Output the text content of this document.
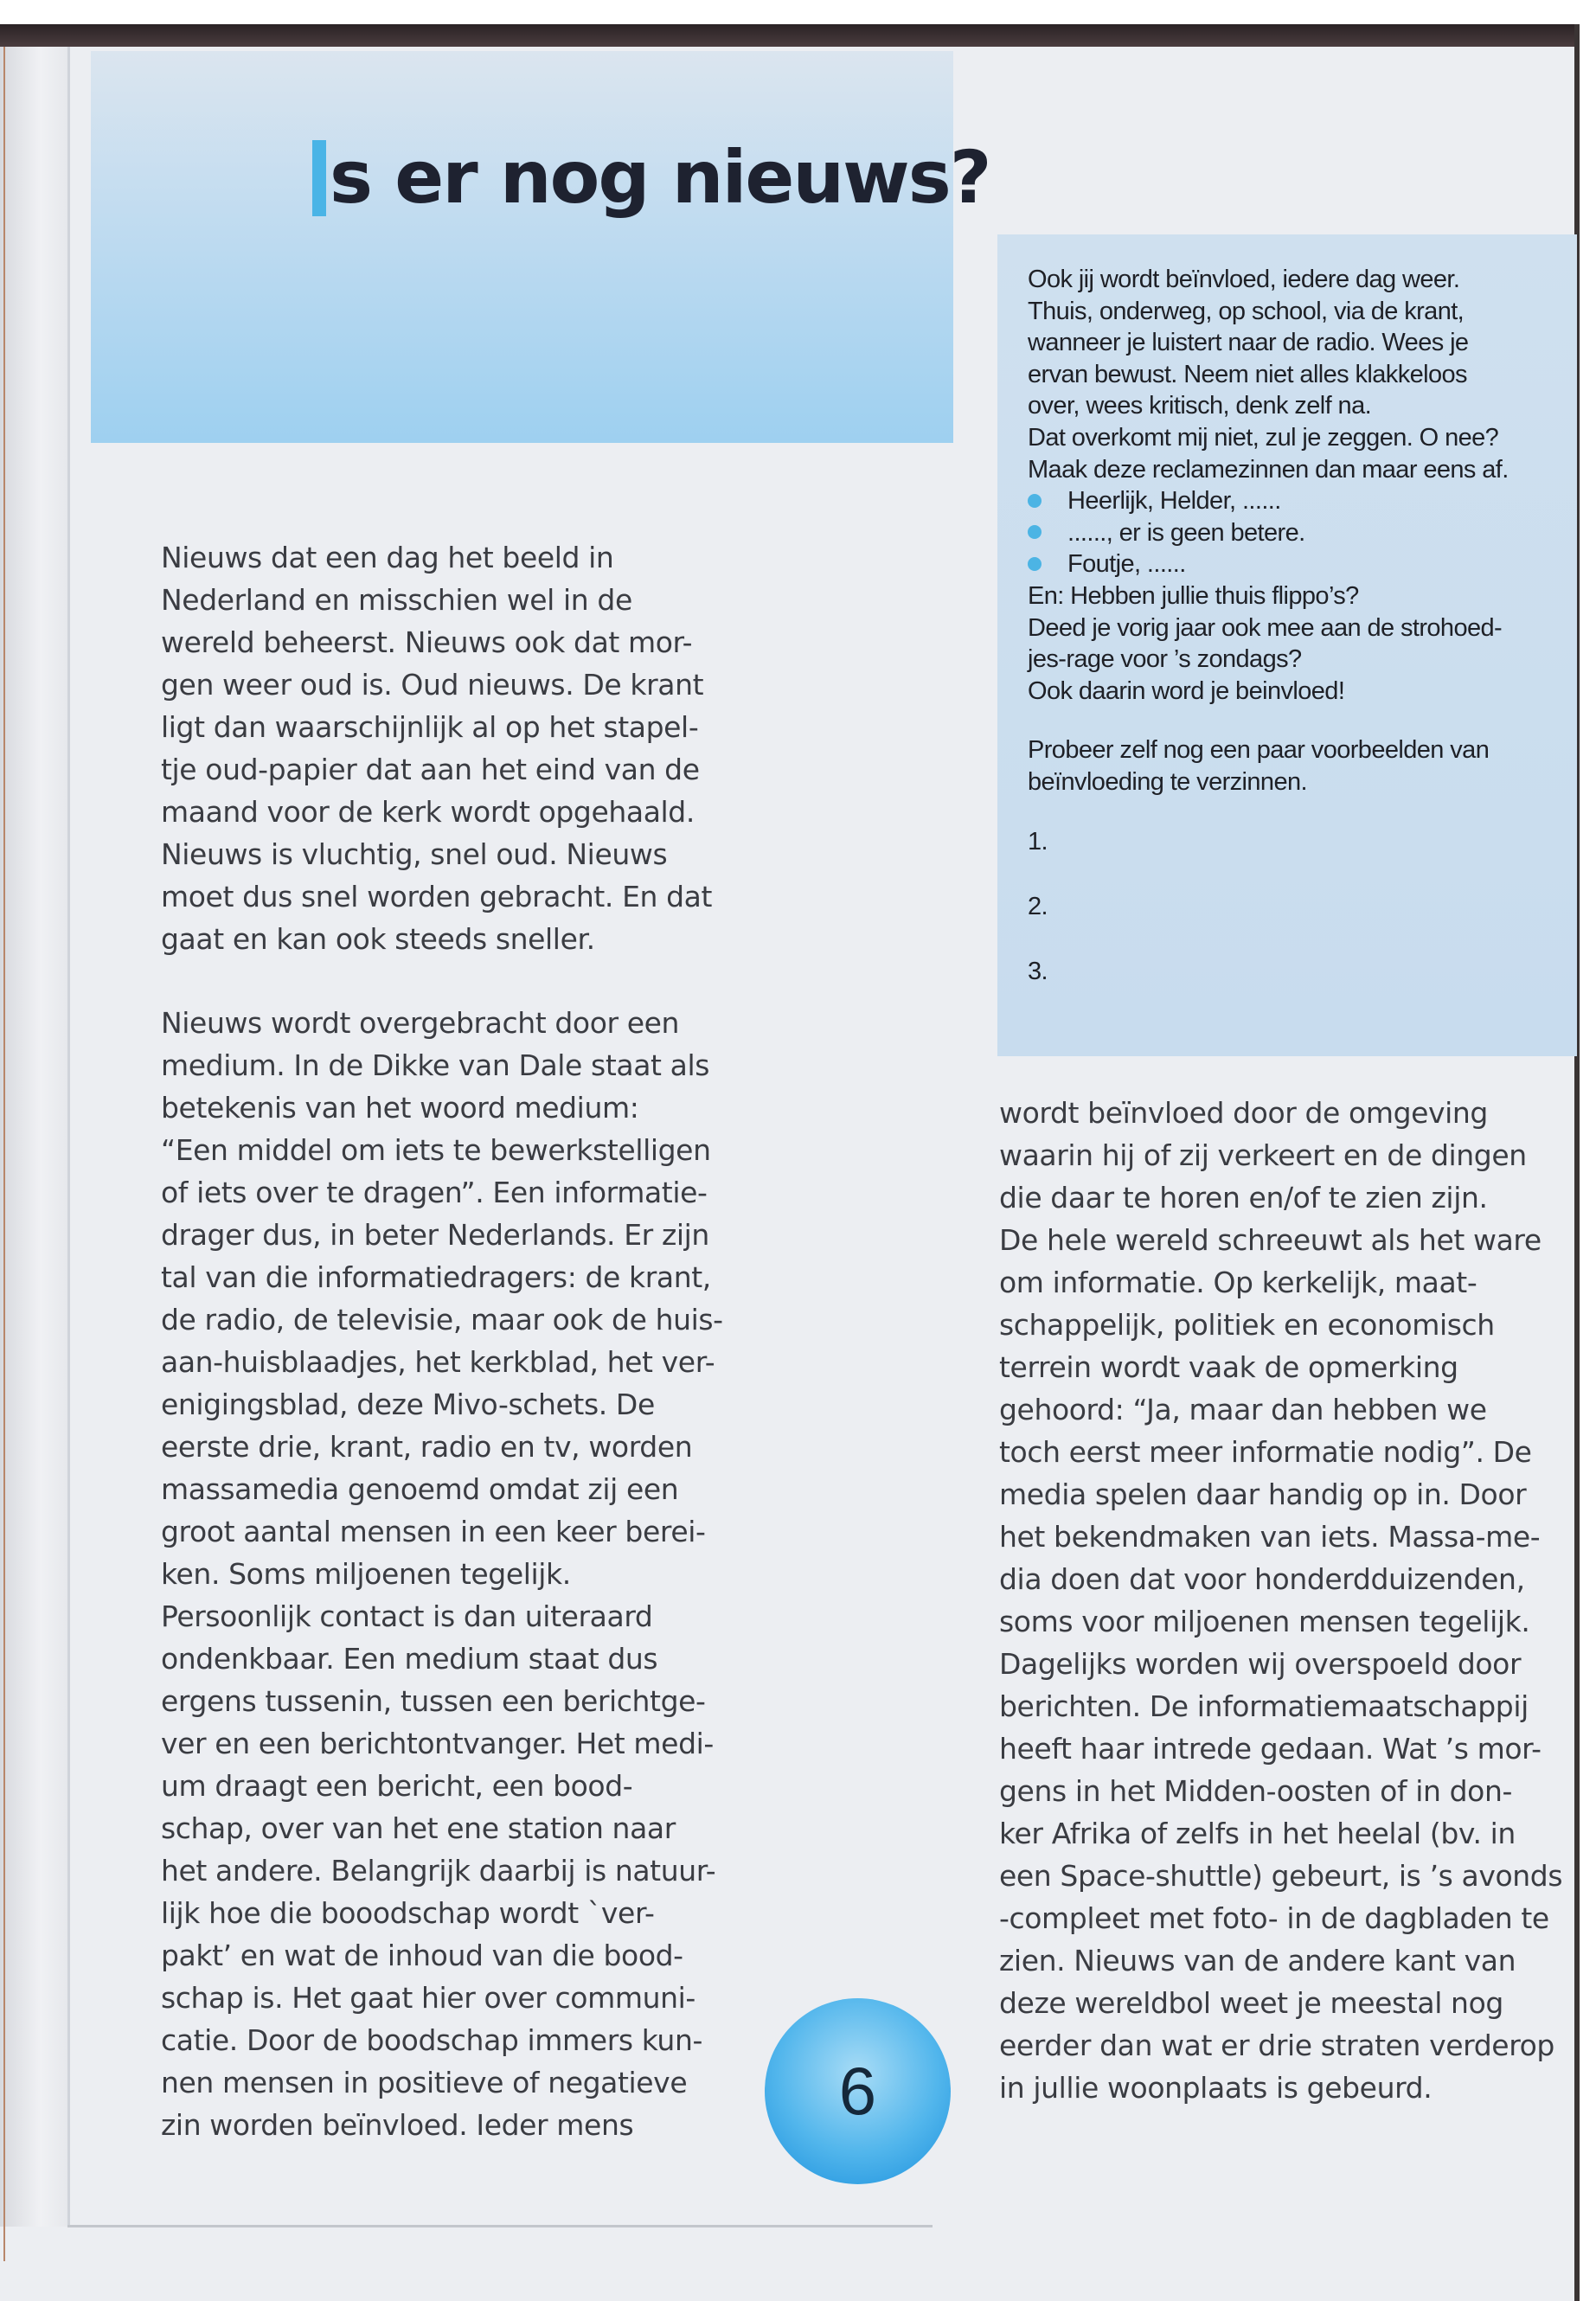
s er nog nieuws?
Ook jij wordt beïnvloed, iedere dag weer.
Thuis, onderweg, op school, via de krant,
wanneer je luistert naar de radio. Wees je
ervan bewust. Neem niet alles klakkeloos
over, wees kritisch, denk zelf na.
Dat overkomt mij niet, zul je zeggen. O nee?
Maak deze reclamezinnen dan maar eens af.
Heerlijk, Helder, ......
......, er is geen betere.
Foutje, ......
En: Hebben jullie thuis flippo’s?
Deed je vorig jaar ook mee aan de strohoed-
jes-rage voor ’s zondags?
Ook daarin word je beinvloed!
Probeer zelf nog een paar voorbeelden van
beïnvloeding te verzinnen.
1.
2.
3.
Nieuws dat een dag het beeld in
Nederland en misschien wel in de
wereld beheerst. Nieuws ook dat mor-
gen weer oud is. Oud nieuws. De krant
ligt dan waarschijnlijk al op het stapel-
tje oud-papier dat aan het eind van de
maand voor de kerk wordt opgehaald.
Nieuws is vluchtig, snel oud. Nieuws
moet dus snel worden gebracht. En dat
gaat en kan ook steeds sneller.
Nieuws wordt overgebracht door een
medium. In de Dikke van Dale staat als
betekenis van het woord medium:
“Een middel om iets te bewerkstelligen
of iets over te dragen”. Een informatie-
drager dus, in beter Nederlands. Er zijn
tal van die informatiedragers: de krant,
de radio, de televisie, maar ook de huis-
aan-huisblaadjes, het kerkblad, het ver-
enigingsblad, deze Mivo-schets. De
eerste drie, krant, radio en tv, worden
massamedia genoemd omdat zij een
groot aantal mensen in een keer berei-
ken. Soms miljoenen tegelijk.
Persoonlijk contact is dan uiteraard
ondenkbaar. Een medium staat dus
ergens tussenin, tussen een berichtge-
ver en een berichtontvanger. Het medi-
um draagt een bericht, een bood-
schap, over van het ene station naar
het andere. Belangrijk daarbij is natuur-
lijk hoe die booodschap wordt `ver-
pakt’ en wat de inhoud van die bood-
schap is. Het gaat hier over communi-
catie. Door de boodschap immers kun-
nen mensen in positieve of negatieve
zin worden beïnvloed. Ieder mens
wordt beïnvloed door de omgeving
waarin hij of zij verkeert en de dingen
die daar te horen en/of te zien zijn.
De hele wereld schreeuwt als het ware
om informatie. Op kerkelijk, maat-
schappelijk, politiek en economisch
terrein wordt vaak de opmerking
gehoord: “Ja, maar dan hebben we
toch eerst meer informatie nodig”. De
media spelen daar handig op in. Door
het bekendmaken van iets. Massa-me-
dia doen dat voor honderdduizenden,
soms voor miljoenen mensen tegelijk.
Dagelijks worden wij overspoeld door
berichten. De informatiemaatschappij
heeft haar intrede gedaan. Wat ’s mor-
gens in het Midden-oosten of in don-
ker Afrika of zelfs in het heelal (bv. in
een Space-shuttle) gebeurt, is ’s avonds
-compleet met foto- in de dagbladen te
zien. Nieuws van de andere kant van
deze wereldbol weet je meestal nog
eerder dan wat er drie straten verderop
in jullie woonplaats is gebeurd.
6
